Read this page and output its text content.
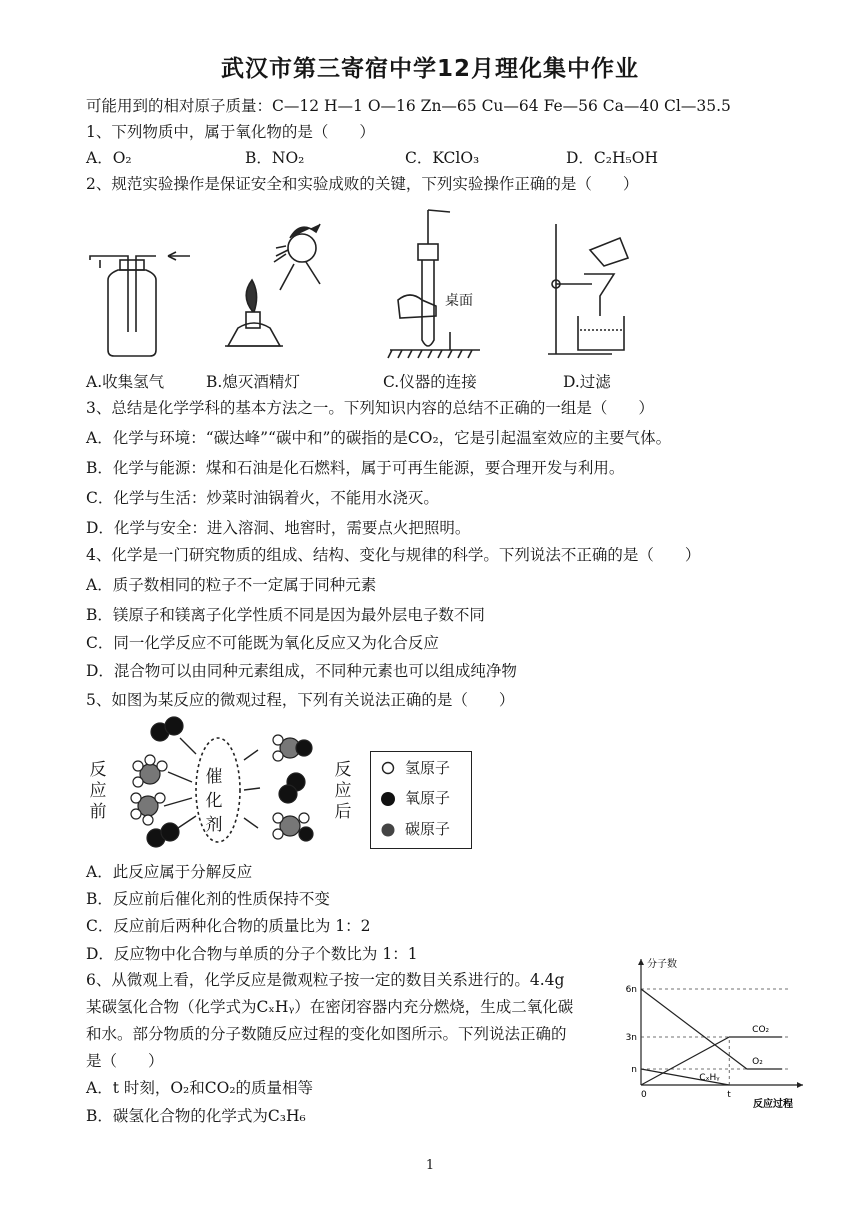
武汉市第三寄宿中学12月理化集中作业
可能用到的相对原子质量：C—12 H—1 O—16 Zn—65 Cu—64 Fe—56 Ca—40 Cl—35.5
1、下列物质中，属于氧化物的是（　　）
A．O₂	B．NO₂	C．KClO₃	D．C₂H₅OH
2、规范实验操作是保证安全和实验成败的关键，下列实验操作正确的是（　　）
桌面
A.收集氢气	B.熄灭酒精灯	C.仪器的连接	D.过滤
3、总结是化学学科的基本方法之一。下列知识内容的总结不正确的一组是（　　）
A．化学与环境：“碳达峰”“碳中和”的碳指的是CO₂，它是引起温室效应的主要气体。
B．化学与能源：煤和石油是化石燃料，属于可再生能源，要合理开发与利用。
C．化学与生活：炒菜时油锅着火，不能用水浇灭。
D．化学与安全：进入溶洞、地窖时，需要点火把照明。
4、化学是一门研究物质的组成、结构、变化与规律的科学。下列说法不正确的是（　　）
A．质子数相同的粒子不一定属于同种元素
B．镁原子和镁离子化学性质不同是因为最外层电子数不同
C．同一化学反应不可能既为氧化反应又为化合反应
D．混合物可以由同种元素组成，不同种元素也可以组成纯净物
5、如图为某反应的微观过程，下列有关说法正确的是（　　）
反应前
反应后
催化剂
氢原子
氧原子
碳原子
A．此反应属于分解反应
B．反应前后催化剂的性质保持不变
C．反应前后两种化合物的质量比为 1：2
D．反应物中化合物与单质的分子个数比为 1：1
6、从微观上看，化学反应是微观粒子按一定的数目关系进行的。4.4g
某碳氢化合物（化学式为CₓHᵧ）在密闭容器内充分燃烧，生成二氧化碳
和水。部分物质的分子数随反应过程的变化如图所示。下列说法正确的
是（　　）
A．t 时刻，O₂和CO₂的质量相等
B．碳氢化合物的化学式为C₃H₆
分子数
反应过程
6n
3n
n
0	t
CO₂
O₂
CₓHᵧ
1
